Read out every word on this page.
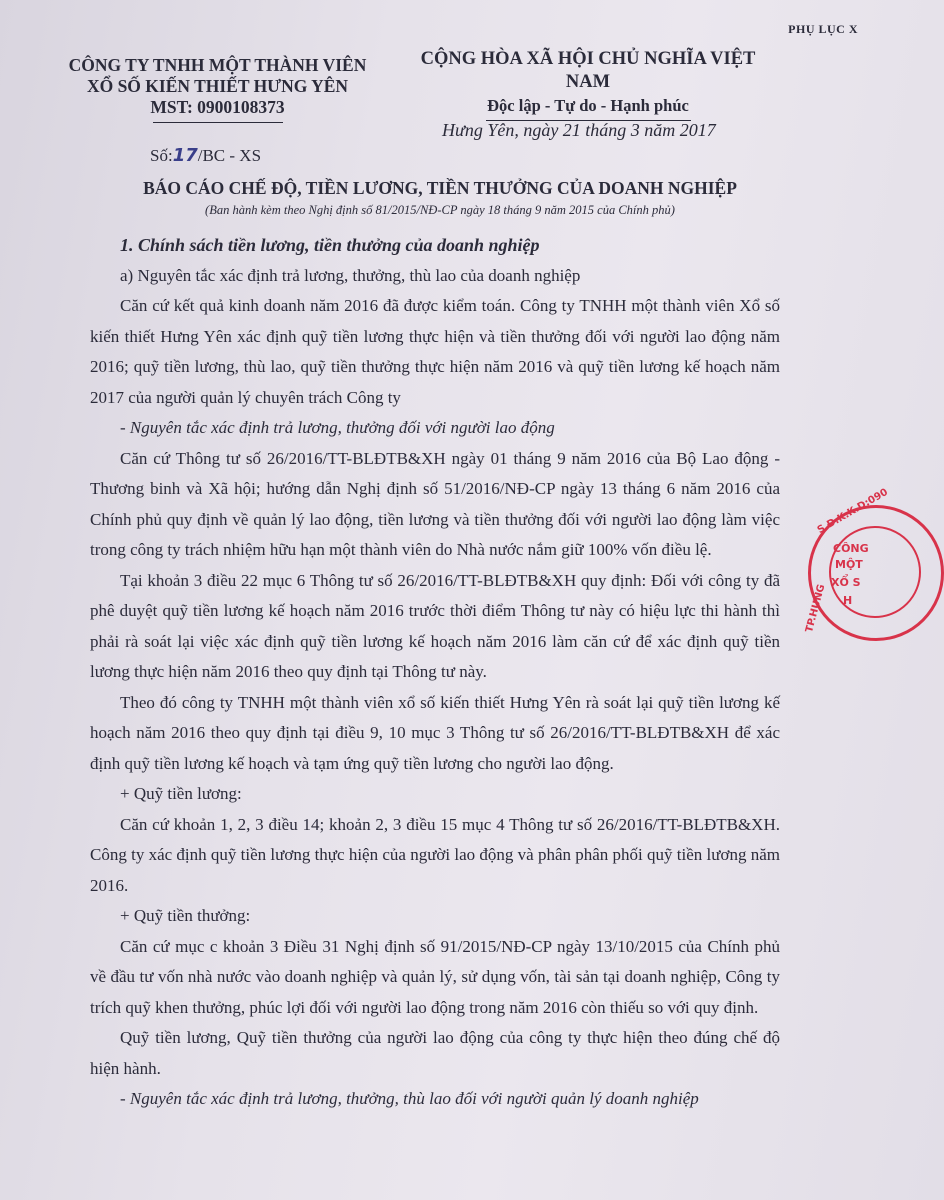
PHỤ LỤC X
CÔNG TY TNHH MỘT THÀNH VIÊN
XỔ SỐ KIẾN THIẾT HƯNG YÊN
MST: 0900108373
CỘNG HÒA XÃ HỘI CHỦ NGHĨA VIỆT NAM
Độc lập - Tự do - Hạnh phúc
Hưng Yên, ngày 21 tháng 3 năm 2017
Số:17/BC - XS
BÁO CÁO CHẾ ĐỘ, TIỀN LƯƠNG, TIỀN THƯỞNG CỦA DOANH NGHIỆP
(Ban hành kèm theo Nghị định số 81/2015/NĐ-CP ngày 18 tháng 9 năm 2015 của Chính phủ)

1. Chính sách tiền lương, tiền thưởng của doanh nghiệp

a) Nguyên tắc xác định trả lương, thưởng, thù lao của doanh nghiệp

Căn cứ kết quả kinh doanh năm 2016 đã được kiểm toán. Công ty TNHH một thành viên Xổ số kiến thiết Hưng Yên xác định quỹ tiền lương thực hiện và tiền thưởng đối với người lao động năm 2016; quỹ tiền lương, thù lao, quỹ tiền thưởng thực hiện năm 2016 và quỹ tiền lương kế hoạch năm 2017 của người quản lý chuyên trách Công ty

- Nguyên tắc xác định trả lương, thưởng đối với người lao động

Căn cứ Thông tư số 26/2016/TT-BLĐTB&XH ngày 01 tháng 9 năm 2016 của Bộ Lao động - Thương binh và Xã hội; hướng dẫn Nghị định số 51/2016/NĐ-CP ngày 13 tháng 6 năm 2016 của Chính phủ quy định về quản lý lao động, tiền lương và tiền thưởng đối với người lao động làm việc trong công ty trách nhiệm hữu hạn một thành viên do Nhà nước nắm giữ 100% vốn điều lệ.

Tại khoản 3 điều 22 mục 6 Thông tư số 26/2016/TT-BLĐTB&XH quy định: Đối với công ty đã phê duyệt quỹ tiền lương kế hoạch năm 2016 trước thời điểm Thông tư này có hiệu lực thi hành thì phải rà soát lại việc xác định quỹ tiền lương kế hoạch năm 2016 làm căn cứ để xác định quỹ tiền lương thực hiện năm 2016 theo quy định tại Thông tư này.

Theo đó công ty TNHH một thành viên xổ số kiến thiết Hưng Yên rà soát lại quỹ tiền lương kế hoạch năm 2016 theo quy định tại điều 9, 10 mục 3 Thông tư số 26/2016/TT-BLĐTB&XH để xác định quỹ tiền lương kế hoạch và tạm ứng quỹ tiền lương cho người lao động.

+ Quỹ tiền lương:

Căn cứ khoản 1, 2, 3 điều 14; khoản 2, 3 điều 15 mục 4 Thông tư số 26/2016/TT-BLĐTB&XH. Công ty xác định quỹ tiền lương thực hiện của người lao động và phân phân phối quỹ tiền lương năm 2016.

+ Quỹ tiền thưởng:

Căn cứ mục c khoản 3 Điều 31 Nghị định số 91/2015/NĐ-CP ngày 13/10/2015 của Chính phủ về đầu tư vốn nhà nước vào doanh nghiệp và quản lý, sử dụng vốn, tài sản tại doanh nghiệp, Công ty trích quỹ khen thưởng, phúc lợi đối với người lao động trong năm 2016 còn thiếu so với quy định.

Quỹ tiền lương, Quỹ tiền thưởng của người lao động của công ty thực hiện theo đúng chế độ hiện hành.

- Nguyên tắc xác định trả lương, thưởng, thù lao đối với người quản lý doanh nghiệp

S.Đ.K.K.D:090
TP.HƯNG
CÔNG
MỘT
XỔ S
H
